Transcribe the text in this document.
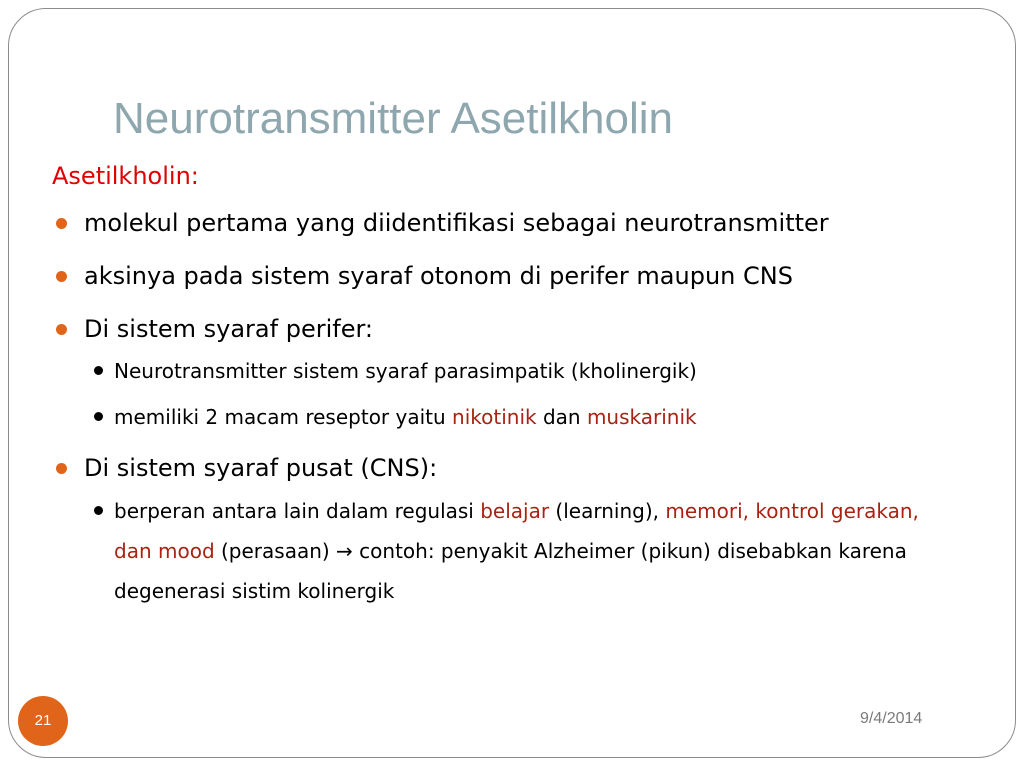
Neurotransmitter Asetilkholin
Asetilkholin:
molekul pertama yang diidentifikasi sebagai neurotransmitter
aksinya pada sistem syaraf otonom di perifer maupun CNS
Di sistem syaraf perifer:
Neurotransmitter sistem syaraf parasimpatik (kholinergik)
memiliki 2 macam reseptor yaitu nikotinik dan muskarinik
Di sistem syaraf pusat (CNS):
berperan antara lain dalam regulasi belajar (learning), memori, kontrol gerakan, dan mood (perasaan) → contoh: penyakit Alzheimer (pikun) disebabkan karena degenerasi sistim kolinergik
21	9/4/2014
